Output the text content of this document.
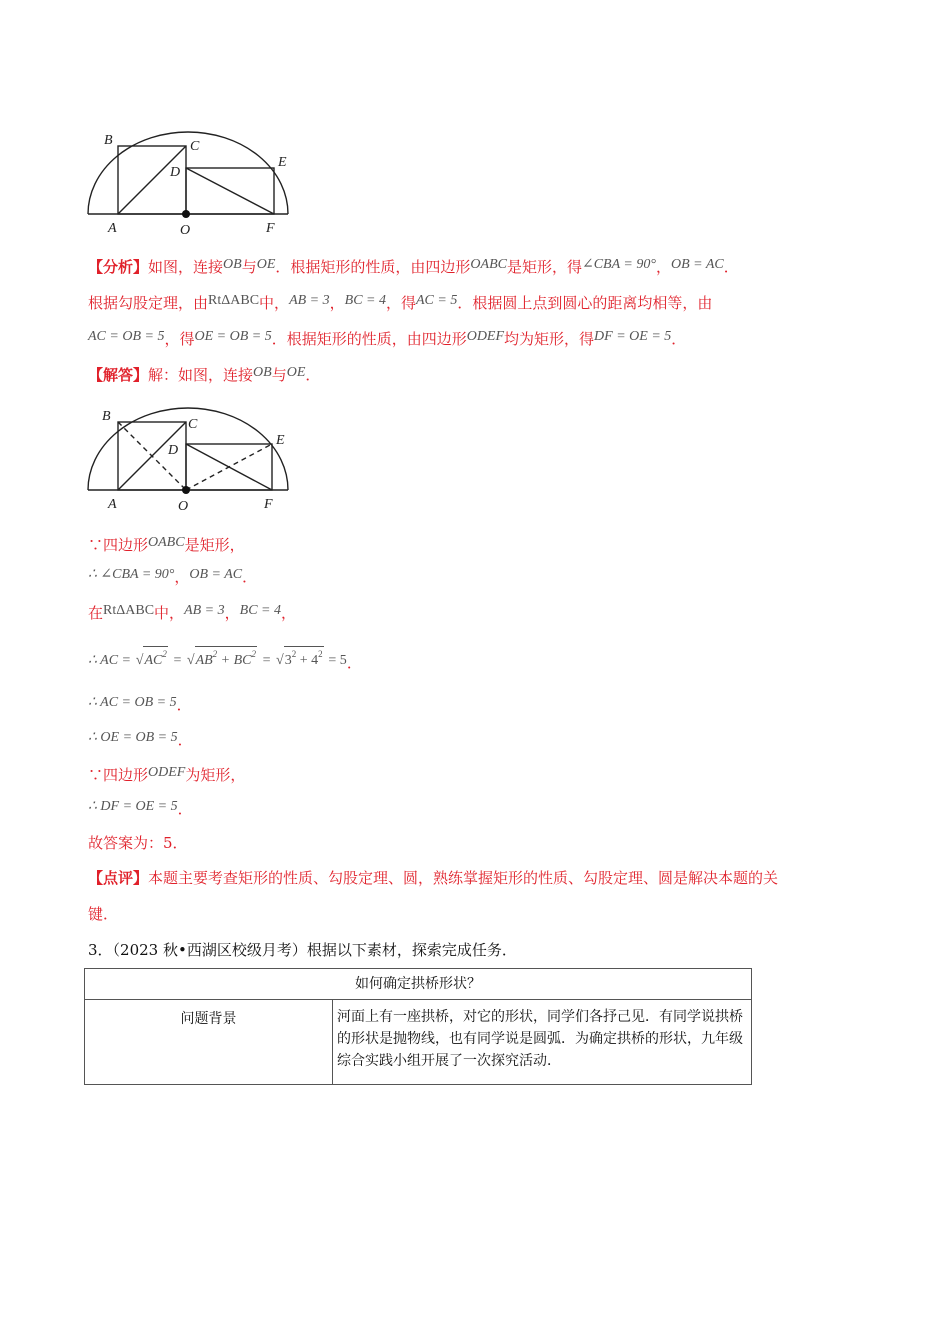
B	C
D
E
A	O	F
【分析】如图，连接OB与OE．根据矩形的性质，由四边形OABC是矩形，得∠CBA = 90°，OB = AC．
根据勾股定理，由RtΔABC中，AB = 3，BC = 4，得AC = 5．根据圆上点到圆心的距离均相等，由
AC = OB = 5，得OE = OB = 5．根据矩形的性质，由四边形ODEF均为矩形，得DF = OE = 5．
【解答】解：如图，连接OB与OE．
B
C
D
E
A	O	F
∵四边形OABC是矩形，
∴ ∠CBA = 90°，OB = AC．
在RtΔABC中，AB = 3，BC = 4，
∴ AC = $√AC^2 = √AB^2 + BC^2 = √3^2 + 4^2 = 5$．
∴ AC = OB = 5．
∴ OE = OB = 5．
∵四边形ODEF为矩形，
∴ DF = OE = 5．
故答案为：5．
【点评】本题主要考查矩形的性质、勾股定理、圆，熟练掌握矩形的性质、勾股定理、圆是解决本题的关
键．
3．（2023 秋•西湖区校级月考）根据以下素材，探索完成任务．
如何确定拱桥形状？
问题背景	河面上有一座拱桥，对它的形状，同学们各抒己见．有同学说拱桥的形状是抛物线，也有同学说是圆弧．为确定拱桥的形状，九年级综合实践小组开展了一次探究活动．
